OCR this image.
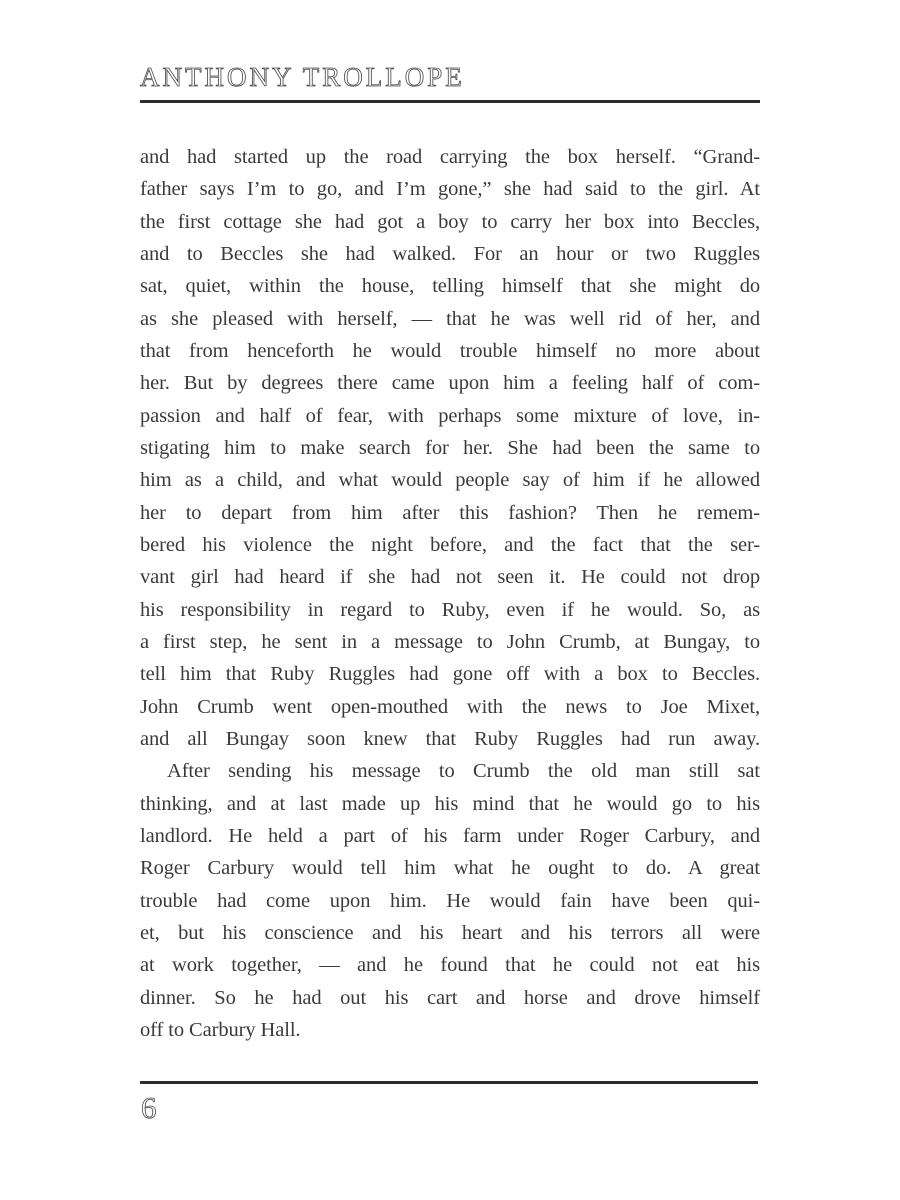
ANTHONY TROLLOPE
and had started up the road carrying the box herself. “Grand-
father says I’m to go, and I’m gone,” she had said to the girl. At
the first cottage she had got a boy to carry her box into Beccles,
and to Beccles she had walked. For an hour or two Ruggles
sat, quiet, within the house, telling himself that she might do
as she pleased with herself, — that he was well rid of her, and
that from henceforth he would trouble himself no more about
her. But by degrees there came upon him a feeling half of com-
passion and half of fear, with perhaps some mixture of love, in-
stigating him to make search for her. She had been the same to
him as a child, and what would people say of him if he allowed
her to depart from him after this fashion? Then he remem-
bered his violence the night before, and the fact that the ser-
vant girl had heard if she had not seen it. He could not drop
his responsibility in regard to Ruby, even if he would. So, as
a first step, he sent in a message to John Crumb, at Bungay, to
tell him that Ruby Ruggles had gone off with a box to Beccles.
John Crumb went open-mouthed with the news to Joe Mixet,
and all Bungay soon knew that Ruby Ruggles had run away.
After sending his message to Crumb the old man still sat
thinking, and at last made up his mind that he would go to his
landlord. He held a part of his farm under Roger Carbury, and
Roger Carbury would tell him what he ought to do. A great
trouble had come upon him. He would fain have been qui-
et, but his conscience and his heart and his terrors all were
at work together, — and he found that he could not eat his
dinner. So he had out his cart and horse and drove himself
off to Carbury Hall.
6
